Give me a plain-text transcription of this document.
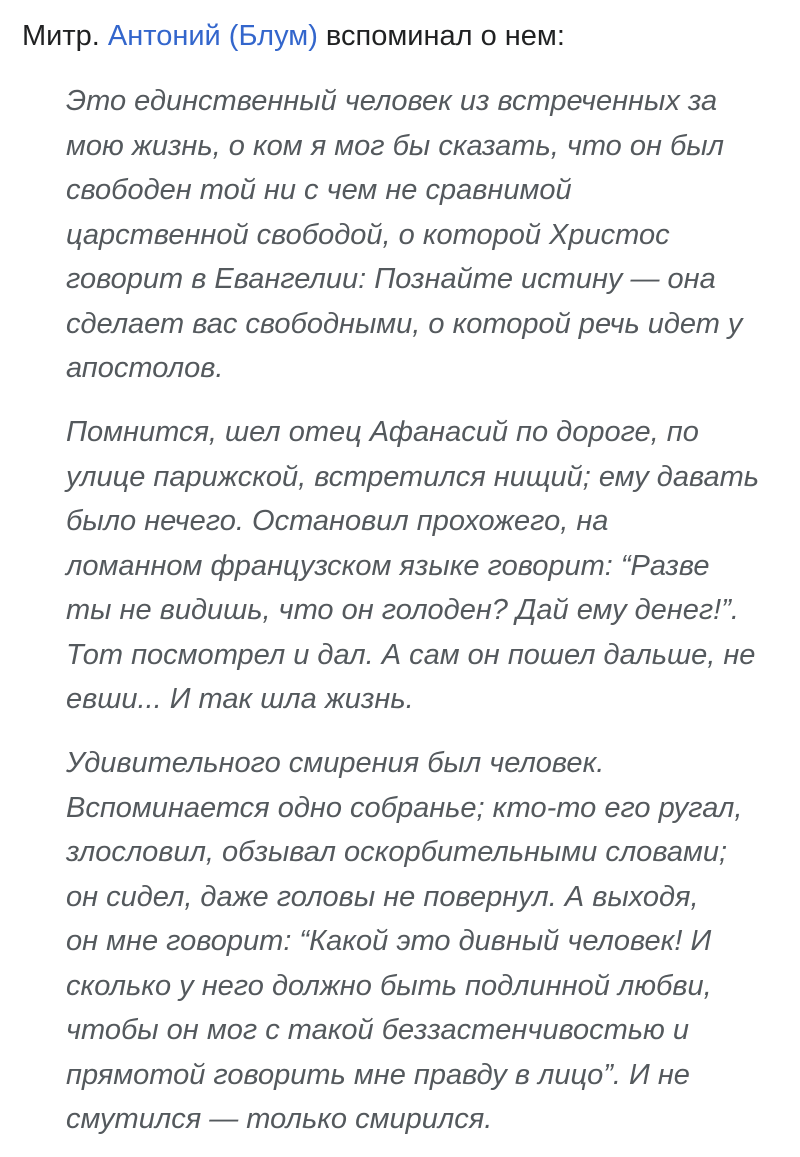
Митр. Антоний (Блум) вспоминал о нем:
Это единственный человек из встреченных за
мою жизнь, о ком я мог бы сказать, что он был
свободен той ни с чем не сравнимой
царственной свободой, о которой Христос
говорит в Евангелии: Познайте истину — она
сделает вас свободными, о которой речь идет у
апостолов.
Помнится, шел отец Афанасий по дороге, по
улице парижской, встретился нищий; ему давать
было нечего. Остановил прохожего, на
ломанном французском языке говорит: “Разве
ты не видишь, что он голоден? Дай ему денег!”.
Тот посмотрел и дал. А сам он пошел дальше, не
евши... И так шла жизнь.
Удивительного смирения был человек.
Вспоминается одно собранье; кто-то его ругал,
злословил, обзывал оскорбительными словами;
он сидел, даже головы не повернул. А выходя,
он мне говорит: “Какой это дивный человек! И
сколько у него должно быть подлинной любви,
чтобы он мог с такой беззастенчивостью и
прямотой говорить мне правду в лицо”. И не
смутился — только смирился.
